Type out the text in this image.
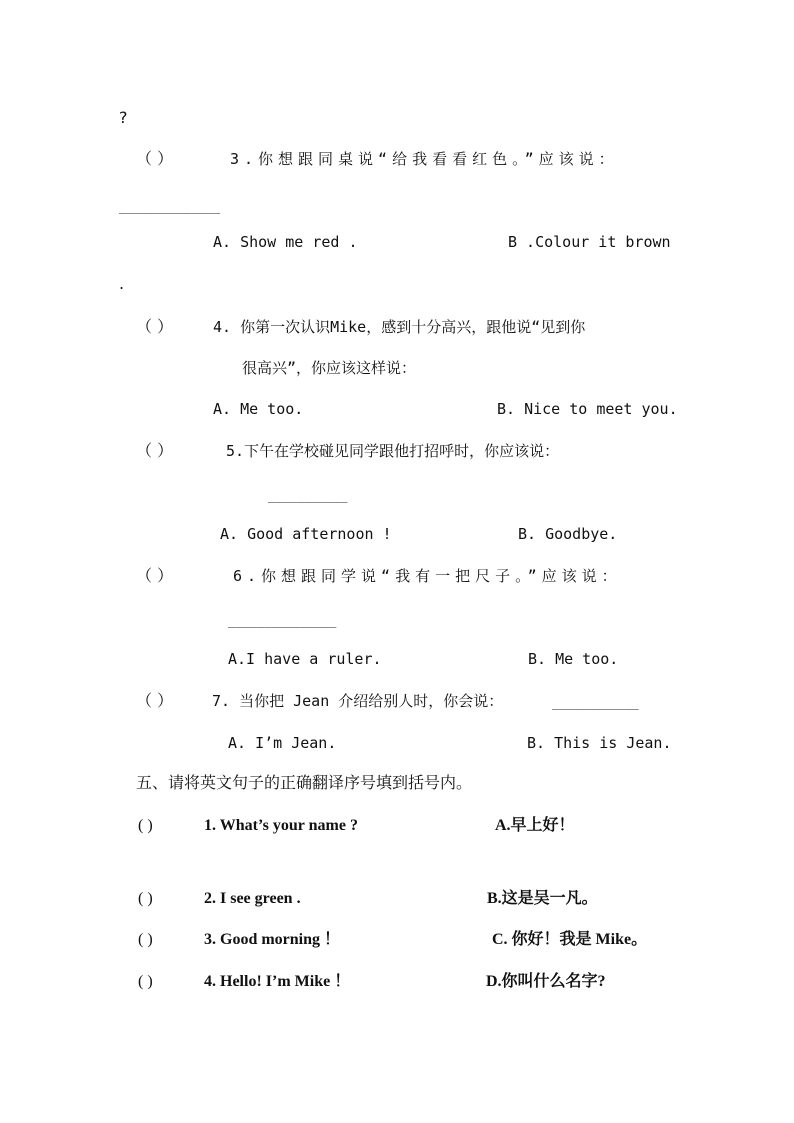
?
（ ）	3.你想跟同桌说“给我看看红色。”应该说：
______________
A. Show me red .	B .Colour it brown
.
（ ）	4. 你第一次认识Mike，感到十分高兴，跟他说“见到你
很高兴”，你应该这样说：
A. Me too.	B. Nice to meet you.
（ ）	5.下午在学校碰见同学跟他打招呼时，你应该说：
___________
A. Good afternoon !	B. Goodbye.
（ ）	6.你想跟同学说“我有一把尺子。”应该说：
_______________
A.I have a ruler.	B. Me too.
（ ）	7. 当你把 Jean 介绍给别人时，你会说：	____________
A. I’m Jean.	B. This is Jean.
五、请将英文句子的正确翻译序号填到括号内。
( )	1. What’s your name ?	A.早上好！
( )	2. I see green .	B.这是吴一凡。
( )	3. Good morning ！	C. 你好！我是 Mike。
( )	4. Hello! I’m Mike ！	D.你叫什么名字?
